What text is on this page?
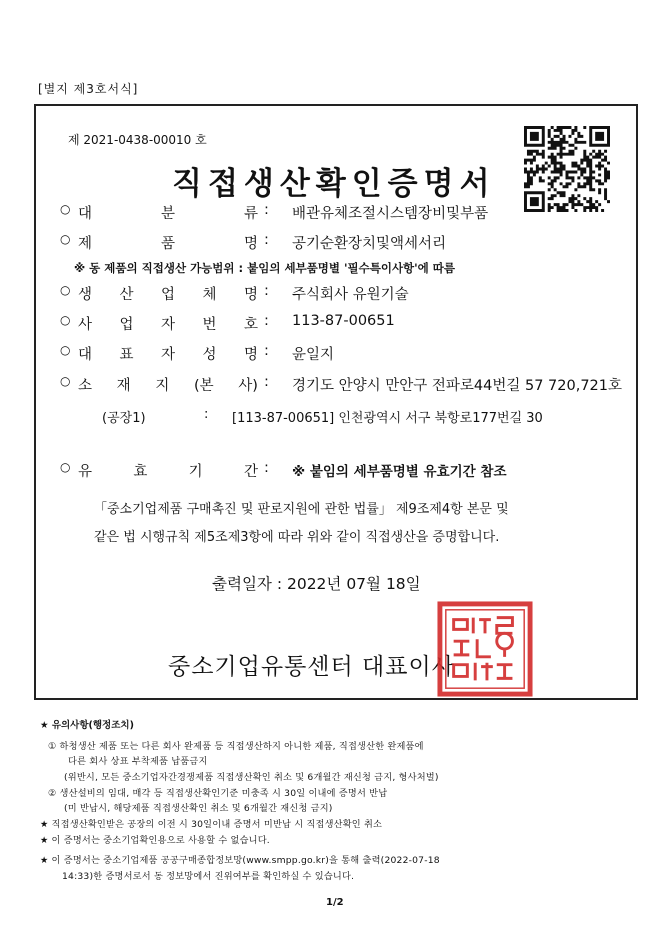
[별지 제3호서식]
제 2021-0438-00010 호
직접생산확인증명서
○ 대	분	류 : 배관유체조절시스템장비및부품
○ 제	품	명 : 공기순환장치및액세서리
※ 동 제품의 직접생산 가능범위 : 붙임의 세부품명별 '필수특이사항'에 따름
○ 생 산 업 체 명 : 주식회사 유원기술
○ 사 업 자 번 호 : 113-87-00651
○ 대 표 자 성 명 : 윤일지
○ 소 재 지 (본 사) : 경기도 안양시 만안구 전파로44번길 57 720,721호
(공장1)	: [113-87-00651] 인천광역시 서구 북항로177번길 30
○ 유	효	기	간 : ※ 붙임의 세부품명별 유효기간 참조
「중소기업제품 구매촉진 및 판로지원에 관한 법률」 제9조제4항 본문 및
같은 법 시행규칙 제5조제3항에 따라 위와 같이 직접생산을 증명합니다.
출력일자 : 2022년 07월 18일
중소기업유통센터 대표이사
★ 유의사항(행정조치)
① 하청생산 제품 또는 다른 회사 완제품 등 직접생산하지 아니한 제품, 직접생산한 완제품에
다른 회사 상표 부착제품 납품금지
(위반시, 모든 중소기업자간경쟁제품 직접생산확인 취소 및 6개월간 재신청 금지, 형사처벌)
② 생산설비의 임대, 매각 등 직접생산확인기준 미충족 시 30일 이내에 증명서 반납
(미 반납시, 해당제품 직접생산확인 취소 및 6개월간 재신청 금지)
★ 직접생산확인받은 공장의 이전 시 30일이내 증명서 미반납 시 직접생산확인 취소
★ 이 증명서는 중소기업확인용으로 사용할 수 없습니다.
★ 이 증명서는 중소기업제품 공공구매종합정보망(www.smpp.go.kr)을 통해 출력(2022-07-18
14:33)한 증명서로서 동 정보망에서 진위여부를 확인하실 수 있습니다.
1/2
